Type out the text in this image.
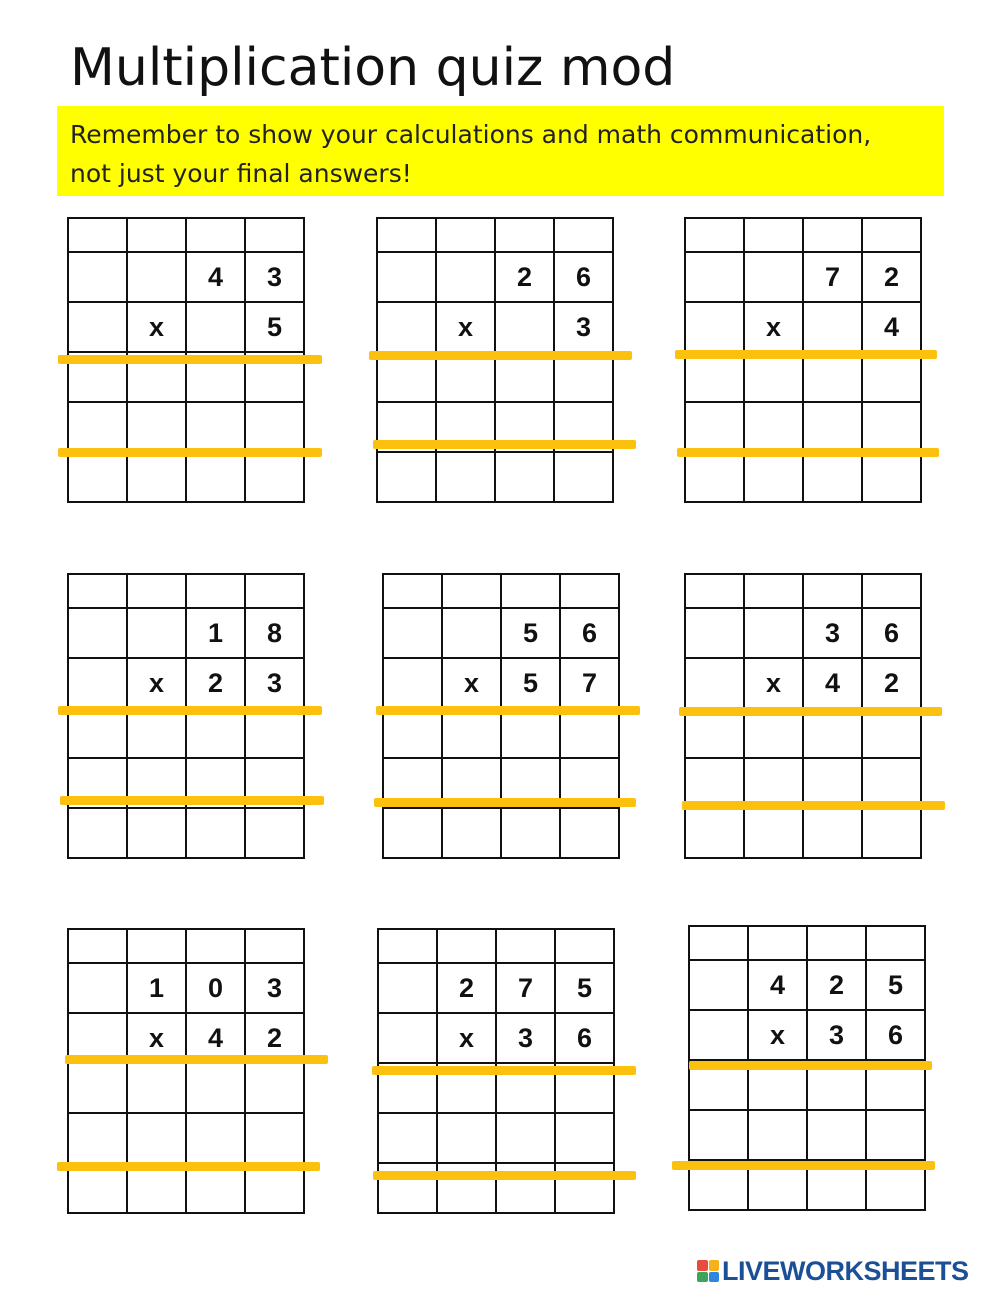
Multiplication quiz mod
Remember to show your calculations and math communication,
not just your final answers!

		4	3
	x		5

		2	6
	x		3

		7	2
	x		4

		1	8
	x	2	3

		5	6
	x	5	7

		3	6
	x	4	2

	1	0	3
	x	4	2

	2	7	5
	x	3	6

	4	2	5
	x	3	6

LIVEWORKSHEETS
